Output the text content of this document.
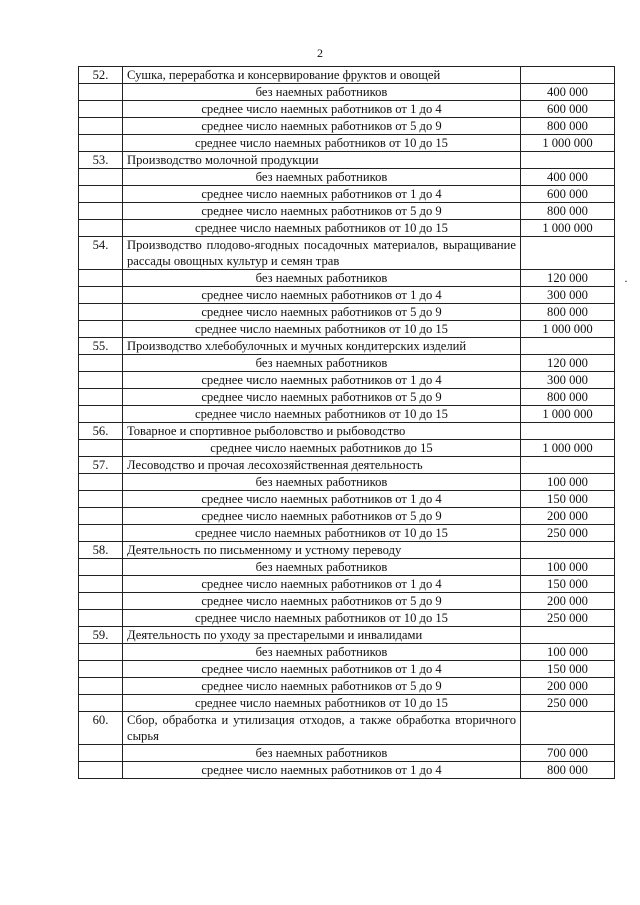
2
·
52.	Сушка, переработка и консервирование фруктов и овощей	
	без наемных работников	400 000
	среднее число наемных работников от 1 до 4	600 000
	среднее число наемных работников от 5 до 9	800 000
	среднее число наемных работников от 10 до 15	1 000 000
53.	Производство молочной продукции	
	без наемных работников	400 000
	среднее число наемных работников от 1 до 4	600 000
	среднее число наемных работников от 5 до 9	800 000
	среднее число наемных работников от 10 до 15	1 000 000
54.	Производство плодово-ягодных посадочных материалов, выращивание рассады овощных культур и семян трав	
	без наемных работников	120 000
	среднее число наемных работников от 1 до 4	300 000
	среднее число наемных работников от 5 до 9	800 000
	среднее число наемных работников от 10 до 15	1 000 000
55.	Производство хлебобулочных и мучных кондитерских изделий	
	без наемных работников	120 000
	среднее число наемных работников от 1 до 4	300 000
	среднее число наемных работников от 5 до 9	800 000
	среднее число наемных работников от 10 до 15	1 000 000
56.	Товарное и спортивное рыболовство и рыбоводство	
	среднее число наемных работников до 15	1 000 000
57.	Лесоводство и прочая лесохозяйственная деятельность	
	без наемных работников	100 000
	среднее число наемных работников от 1 до 4	150 000
	среднее число наемных работников от 5 до 9	200 000
	среднее число наемных работников от 10 до 15	250 000
58.	Деятельность по письменному и устному переводу	
	без наемных работников	100 000
	среднее число наемных работников от 1 до 4	150 000
	среднее число наемных работников от 5 до 9	200 000
	среднее число наемных работников от 10 до 15	250 000
59.	Деятельность по уходу за престарелыми и инвалидами	
	без наемных работников	100 000
	среднее число наемных работников от 1 до 4	150 000
	среднее число наемных работников от 5 до 9	200 000
	среднее число наемных работников от 10 до 15	250 000
60.	Сбор, обработка и утилизация отходов, а также обработка вторичного сырья	
	без наемных работников	700 000
	среднее число наемных работников от 1 до 4	800 000
